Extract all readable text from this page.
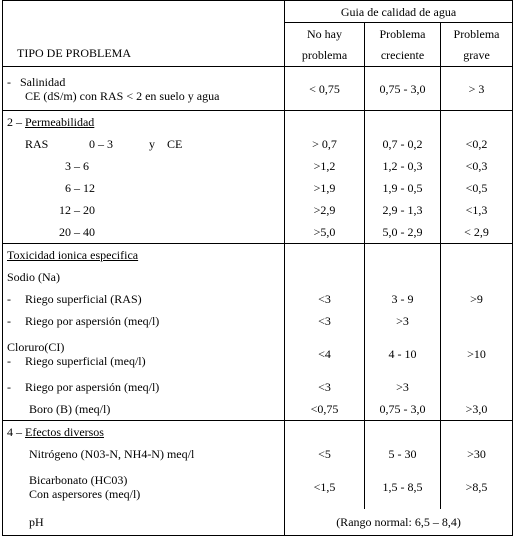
TIPO DE PROBLEMA	Guia de calidad de agua		
	No hay	Problema	Problema
	problema	creciente	grave

-   Salinidad
CE (dS/m) con RAS < 2 en suelo y agua	< 0,75	0,75 - 3,0	> 3
2 – Permeabilidad			
RAS 0 – 3 y    CE	> 0,7	0,7 - 0,2	<0,2
3 – 6	>1,2	1,2 - 0,3	<0,3
6 – 12	>1,9	1,9 - 0,5	<0,5
12 – 20	>2,9	2,9 - 1,3	<1,3
20 – 40	>5,0	5,0 - 2,9	< 2,9
Toxicidad ionica especifica			
Sodio (Na)			
- Riego superficial (RAS)	<3	3 - 9	>9
- Riego por aspersión (meq/l)	<3	>3	

Cloruro(CI)
- Riego superficial (meq/l)	<4	4 - 10	>10
- Riego por aspersión (meq/l)	<3	>3	
Boro (B) (meq/l)	<0,75	0,75 - 3,0	>3,0
4 – Efectos diversos			
Nitrógeno (N03-N, NH4-N) meq/l	<5	5 - 30	>30

Bicarbonato (HC03)
Con aspersores (meq/l)	<1,5	1,5 - 8,5	>8,5
pH	(Rango normal: 6,5 – 8,4)		
